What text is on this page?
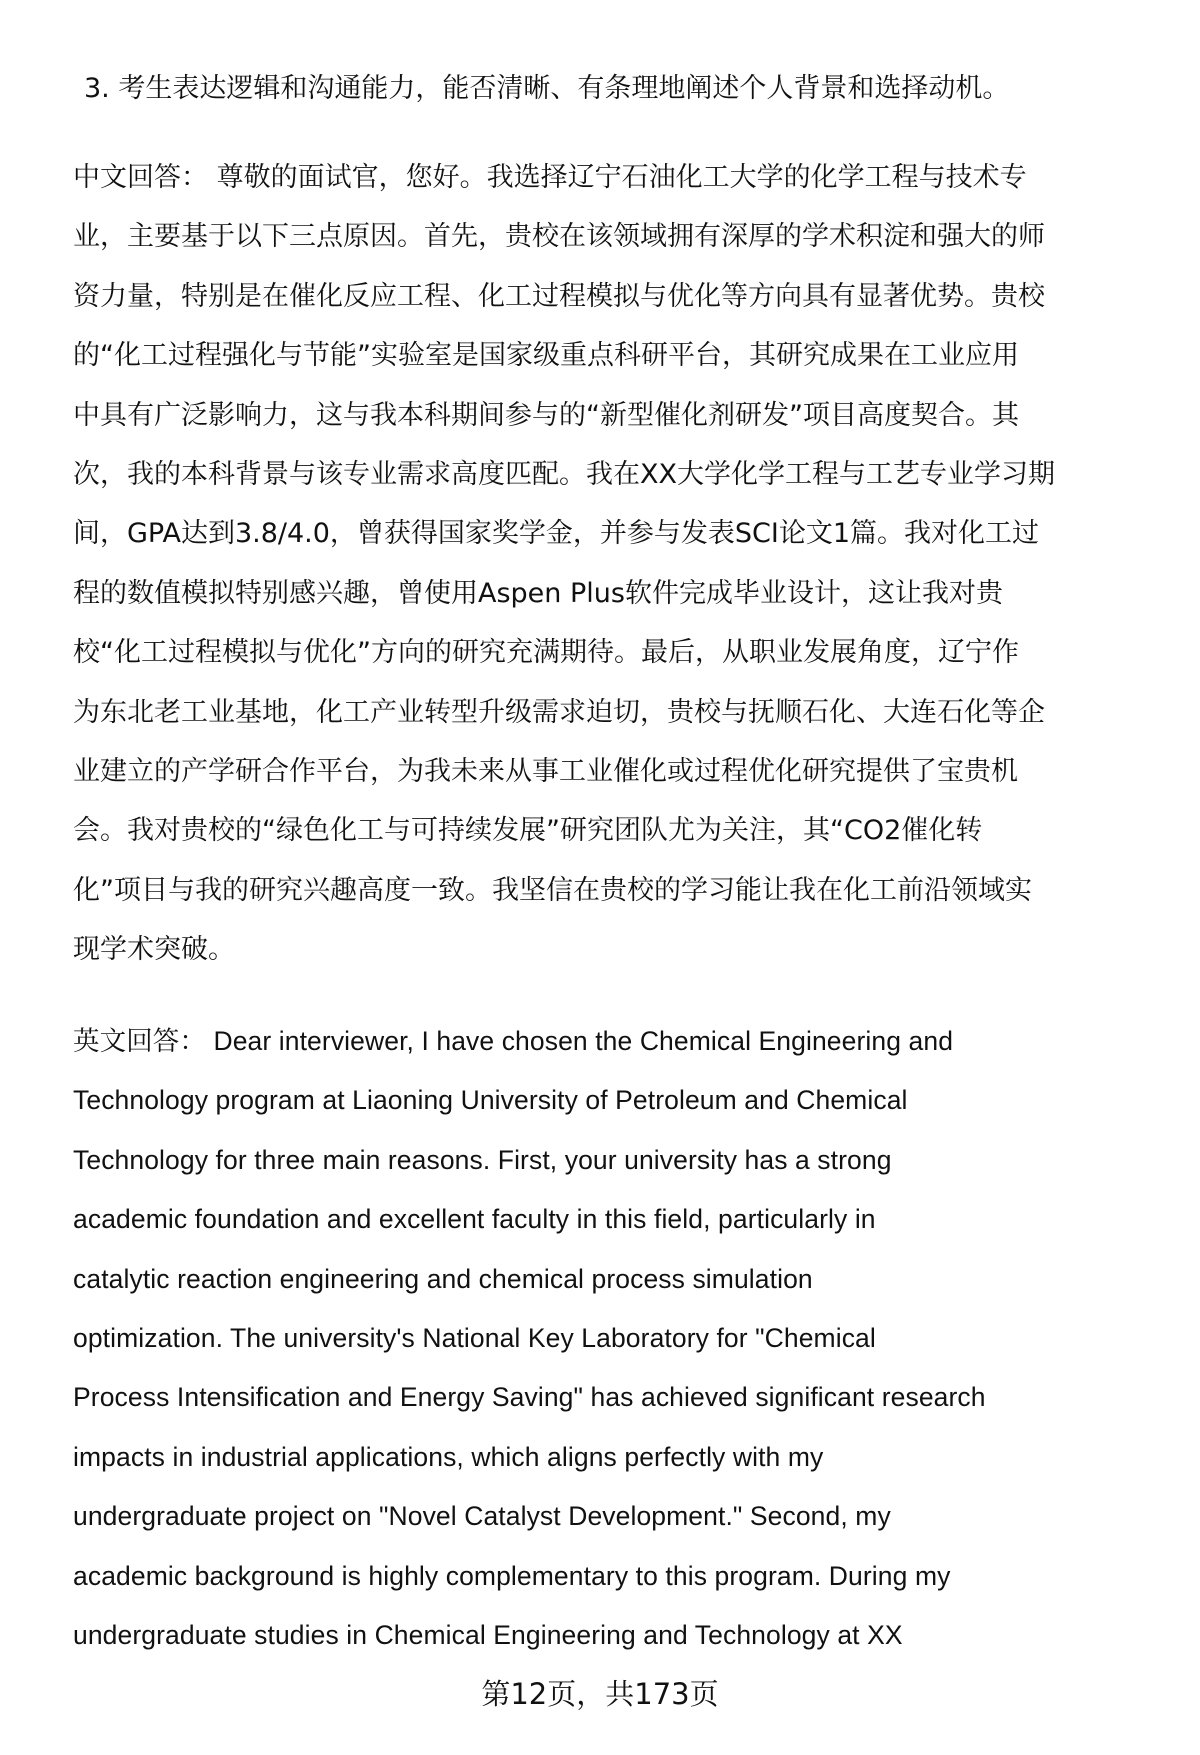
3. 考生表达逻辑和沟通能力，能否清晰、有条理地阐述个人背景和选择动机。
中文回答： 尊敬的面试官，您好。我选择辽宁石油化工大学的化学工程与技术专
业，主要基于以下三点原因。首先，贵校在该领域拥有深厚的学术积淀和强大的师
资力量，特别是在催化反应工程、化工过程模拟与优化等方向具有显著优势。贵校
的“化工过程强化与节能”实验室是国家级重点科研平台，其研究成果在工业应用
中具有广泛影响力，这与我本科期间参与的“新型催化剂研发”项目高度契合。其
次，我的本科背景与该专业需求高度匹配。我在XX大学化学工程与工艺专业学习期
间，GPA达到3.8/4.0，曾获得国家奖学金，并参与发表SCI论文1篇。我对化工过
程的数值模拟特别感兴趣，曾使用Aspen Plus软件完成毕业设计，这让我对贵
校“化工过程模拟与优化”方向的研究充满期待。最后，从职业发展角度，辽宁作
为东北老工业基地，化工产业转型升级需求迫切，贵校与抚顺石化、大连石化等企
业建立的产学研合作平台，为我未来从事工业催化或过程优化研究提供了宝贵机
会。我对贵校的“绿色化工与可持续发展”研究团队尤为关注，其“CO2催化转
化”项目与我的研究兴趣高度一致。我坚信在贵校的学习能让我在化工前沿领域实
现学术突破。
英文回答： Dear interviewer, I have chosen the Chemical Engineering and
Technology program at Liaoning University of Petroleum and Chemical
Technology for three main reasons. First, your university has a strong
academic foundation and excellent faculty in this field, particularly in
catalytic reaction engineering and chemical process simulation
optimization. The university's National Key Laboratory for "Chemical
Process Intensification and Energy Saving" has achieved significant research
impacts in industrial applications, which aligns perfectly with my
undergraduate project on "Novel Catalyst Development." Second, my
academic background is highly complementary to this program. During my
undergraduate studies in Chemical Engineering and Technology at XX
第12页，共173页
